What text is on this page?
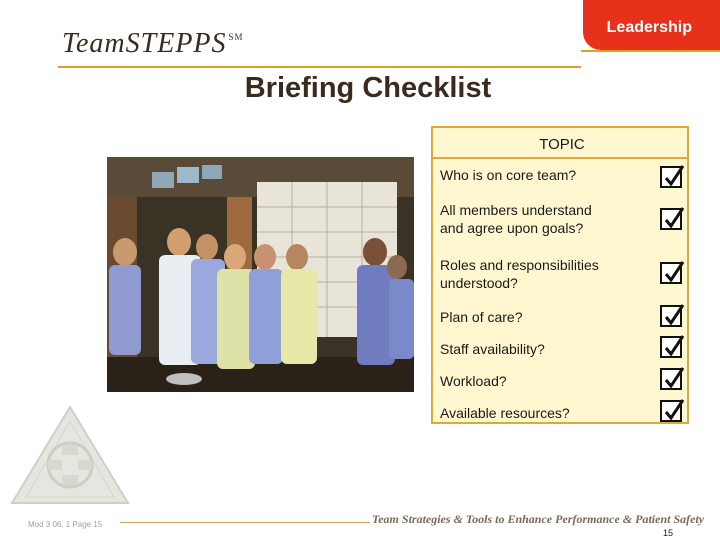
Leadership
TeamSTEPPS ℠
Briefing Checklist
TOPIC
Who is on core team?
All members understand
and agree upon goals?
Roles and responsibilities
understood?
Plan of care?
Staff availability?
Workload?
Available resources?
Mod 3 06. 1 Page 15	Team Strategies & Tools to Enhance Performance & Patient Safety
15
